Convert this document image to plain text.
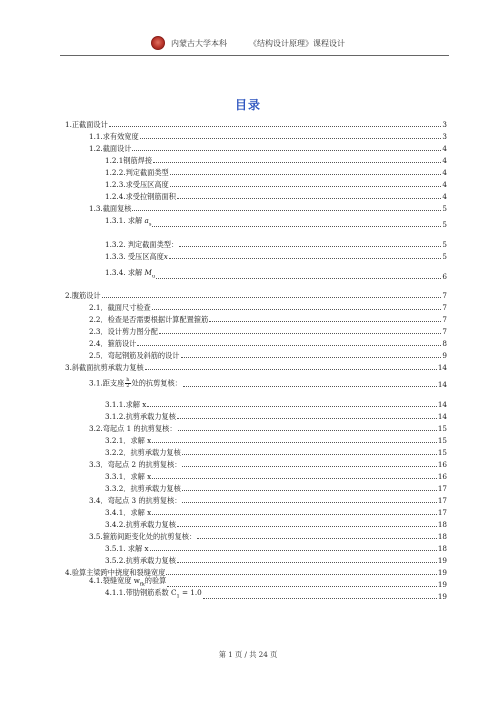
内蒙古大学本科	《结构设计原理》课程设计
目录
1.正截面设计	3
1.1.求有效宽度	3
1.2.截面设计	4
1.2.1钢筋焊接	4
1.2.2.判定截面类型	4
1.2.3.求受压区高度	4
1.2.4.求受拉钢筋面积	4
1.3.截面复核	5
1.3.1. 求解 $a_s$	5
1.3.2. 判定截面类型：	5
1.3.3. 受压区高度x	5
1.3.4. 求解 $M_u$	6
2.腹筋设计	7
2.1．截面尺寸检查	7
2.2．检查是否需要根据计算配置箍筋	7
2.3．设计剪力图分配	7
2.4．箍筋设计	8
2.5．弯起钢筋及斜筋的设计	9
3.斜截面抗剪承载力复核	14
3.1.距支座 $\frac{h}{2}$ 处的抗剪复核：	14
3.1.1.求解 x	14
3.1.2.抗剪承载力复核	14
3.2.弯起点 1 的抗剪复核：	15
3.2.1．求解 x	15
3.2.2．抗剪承载力复核	15
3.3．弯起点 2 的抗剪复核：	16
3.3.1．求解 x	16
3.3.2．抗剪承载力复核	17
3.4．弯起点 3 的抗剪复核：	17
3.4.1．求解 x	17
3.4.2.抗剪承载力复核	18
3.5.箍筋间距变化处的抗剪复核：	18
3.5.1. 求解 x	18
3.5.2.抗剪承载力复核	19
4.验算主梁跨中挠度和裂缝宽度	19
4.1.裂缝宽度 $w_{fk}$的验算	19
4.1.1.带肋钢筋系数 $C_1 = 1.0$	19
第 1 页 / 共 24 页
